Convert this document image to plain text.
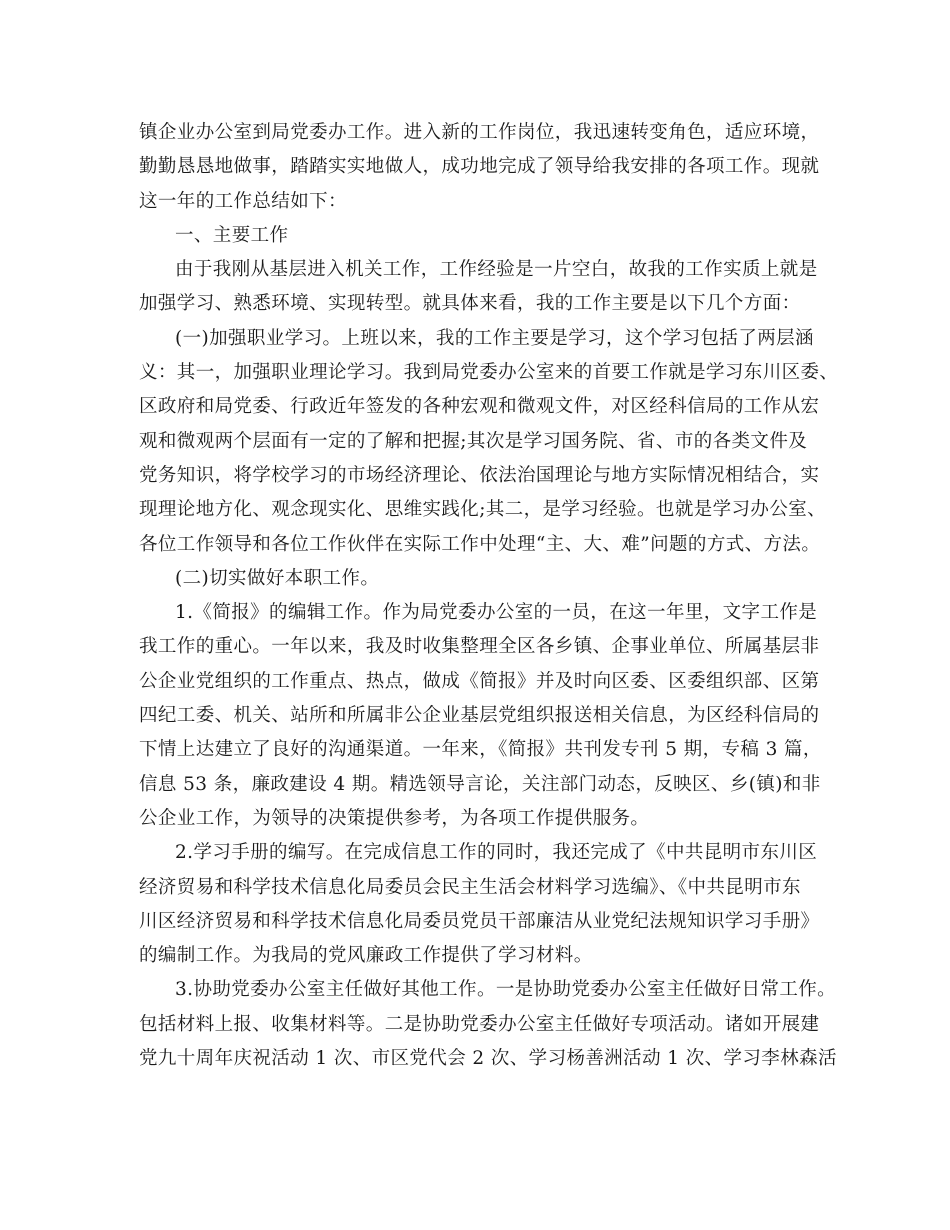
镇企业办公室到局党委办工作。进入新的工作岗位，我迅速转变角色，适应环境，
勤勤恳恳地做事，踏踏实实地做人，成功地完成了领导给我安排的各项工作。现就
这一年的工作总结如下：
一、主要工作
由于我刚从基层进入机关工作，工作经验是一片空白，故我的工作实质上就是
加强学习、熟悉环境、实现转型。就具体来看，我的工作主要是以下几个方面：
(一)加强职业学习。上班以来，我的工作主要是学习，这个学习包括了两层涵
义：其一，加强职业理论学习。我到局党委办公室来的首要工作就是学习东川区委、
区政府和局党委、行政近年签发的各种宏观和微观文件，对区经科信局的工作从宏
观和微观两个层面有一定的了解和把握;其次是学习国务院、省、市的各类文件及
党务知识，将学校学习的市场经济理论、依法治国理论与地方实际情况相结合，实
现理论地方化、观念现实化、思维实践化;其二，是学习经验。也就是学习办公室、
各位工作领导和各位工作伙伴在实际工作中处理“主、大、难”问题的方式、方法。
(二)切实做好本职工作。
1.《简报》的编辑工作。作为局党委办公室的一员，在这一年里，文字工作是
我工作的重心。一年以来，我及时收集整理全区各乡镇、企事业单位、所属基层非
公企业党组织的工作重点、热点，做成《简报》并及时向区委、区委组织部、区第
四纪工委、机关、站所和所属非公企业基层党组织报送相关信息，为区经科信局的
下情上达建立了良好的沟通渠道。一年来，《简报》共刊发专刊 5 期，专稿 3 篇，
信息 53 条，廉政建设 4 期。精选领导言论，关注部门动态，反映区、乡(镇)和非
公企业工作，为领导的决策提供参考，为各项工作提供服务。
2.学习手册的编写。在完成信息工作的同时，我还完成了《中共昆明市东川区
经济贸易和科学技术信息化局委员会民主生活会材料学习选编》、《中共昆明市东
川区经济贸易和科学技术信息化局委员党员干部廉洁从业党纪法规知识学习手册》
的编制工作。为我局的党风廉政工作提供了学习材料。
3.协助党委办公室主任做好其他工作。一是协助党委办公室主任做好日常工作。
包括材料上报、收集材料等。二是协助党委办公室主任做好专项活动。诸如开展建
党九十周年庆祝活动 1 次、市区党代会 2 次、学习杨善洲活动 1 次、学习李林森活
